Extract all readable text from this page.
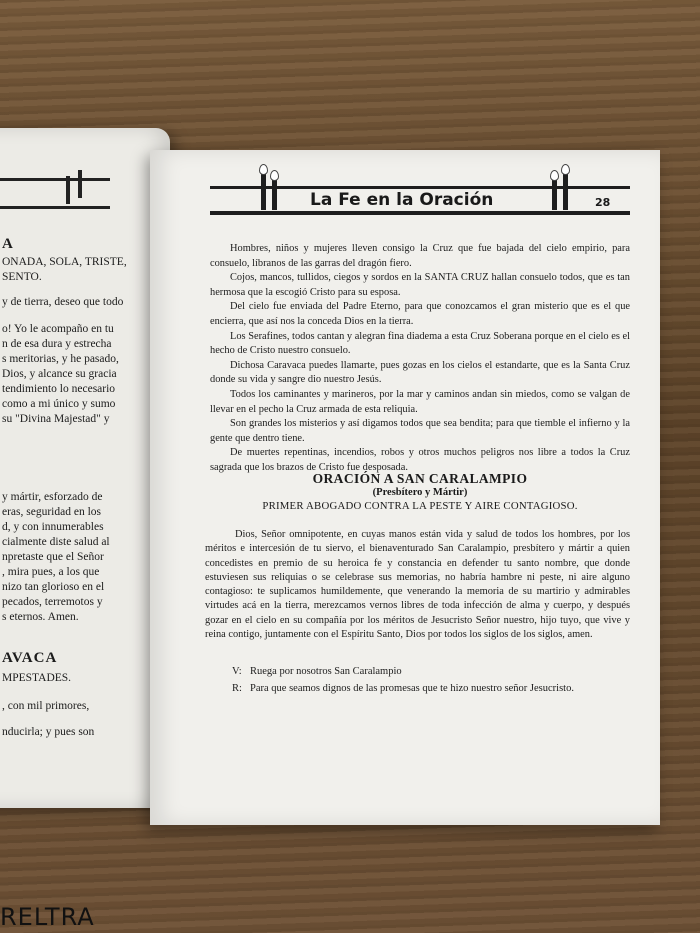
A
ONADA, SOLA, TRISTE,
SENTO.
y de tierra, deseo que todo
o! Yo le acompaño en tu
n de esa dura y estrecha
s meritorias, y he pasado,
Dios, y alcance su gracia
tendimiento lo necesario
como a mi único y sumo
su "Divina Majestad" y
y mártir, esforzado de
eras, seguridad en los
d, y con innumerables
cialmente diste salud al
npretaste que el Señor
, mira pues, a los que
nizo tan glorioso en el
pecados, terremotos y
s eternos. Amen.
AVACA
MPESTADES.
, con mil primores,
nducirla; y pues son
La Fe en la Oración	28

Hombres, niños y mujeres lleven consigo la Cruz que fue bajada del cielo empirio, para consuelo, líbranos de las garras del dragón fiero.

Cojos, mancos, tullidos, ciegos y sordos en la SANTA CRUZ hallan consuelo todos, que es tan hermosa que la escogió Cristo para su esposa.

Del cielo fue enviada del Padre Eterno, para que conozcamos el gran misterio que es el que encierra, que así nos la conceda Dios en la tierra.

Los Serafines, todos cantan y alegran fina diadema a esta Cruz Soberana porque en el cielo es el hecho de Cristo nuestro consuelo.

Dichosa Caravaca puedes llamarte, pues gozas en los cielos el estandarte, que es la Santa Cruz donde su vida y sangre dio nuestro Jesús.

Todos los caminantes y marineros, por la mar y caminos andan sin miedos, como se valgan de llevar en el pecho la Cruz armada de esta reliquia.

Son grandes los misterios y así digamos todos que sea bendita; para que tiemble el infierno y la gente que dentro tiene.

De muertes repentinas, incendios, robos y otros muchos peligros nos libre a todos la Cruz sagrada que los brazos de Cristo fue desposada.

ORACIÓN A SAN CARALAMPIO
(Presbítero y Mártir)
PRIMER ABOGADO CONTRA LA PESTE Y AIRE CONTAGIOSO.

Dios, Señor omnipotente, en cuyas manos están vida y salud de todos los hombres, por los méritos e intercesión de tu siervo, el bienaventurado San Caralampio, presbítero y mártir a quien concedistes en premio de su heroica fe y constancia en defender tu santo nombre, que donde estuviesen sus reliquias o se celebrase sus memorias, no habría hambre ni peste, ni aire alguno contagioso: te suplicamos humildemente, que venerando la memoria de su martirio y admirables virtudes acá en la tierra, merezcamos vernos libres de toda infección de alma y cuerpo, y después gozar en el cielo en su compañía por los méritos de Jesucristo Señor nuestro, hijo tuyo, que vive y reina contigo, juntamente con el Espíritu Santo, Dios por todos los siglos de los siglos, amen.

V: Ruega por nosotros San Caralampio
R: Para que seamos dignos de las promesas que te hizo nuestro señor Jesucristo.
RELTRA
